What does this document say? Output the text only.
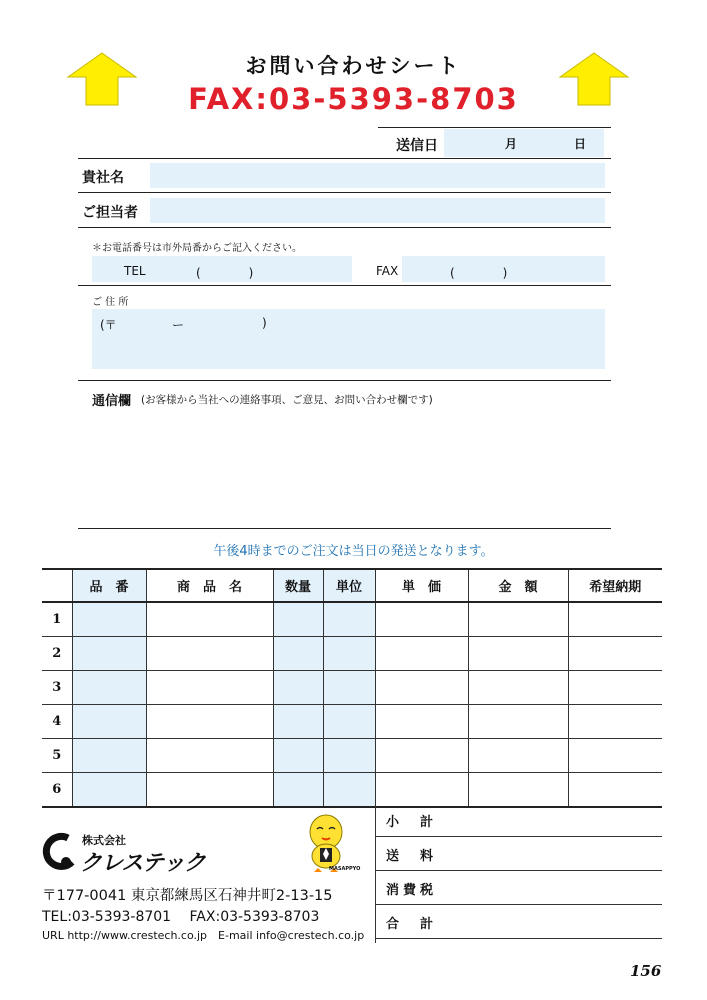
お問い合わせシート
FAX:03-5393-8703
送信日	月	日
貴社名
ご担当者
＊お電話番号は市外局番からご記入ください。
TEL	(　　　　)	FAX	(　　　　)
ご 住 所
(〒	ー	)
通信欄 (お客様から当社への連絡事項、ご意見、お問い合わせ欄です)
午後4時までのご注文は当日の発送となります。
	品　番	商　品　名	数量	単位	単　価	金　額	希望納期
1							
2							
3							
4							
5							
6							
小　計
送　料
消費税
合　計
株式会社
クレステック	MASAPPYO
〒177-0041 東京都練馬区石神井町2-13-15
TEL:03-5393-8701　 FAX:03-5393-8703
URL http://www.crestech.co.jp　E-mail info@crestech.co.jp
156
